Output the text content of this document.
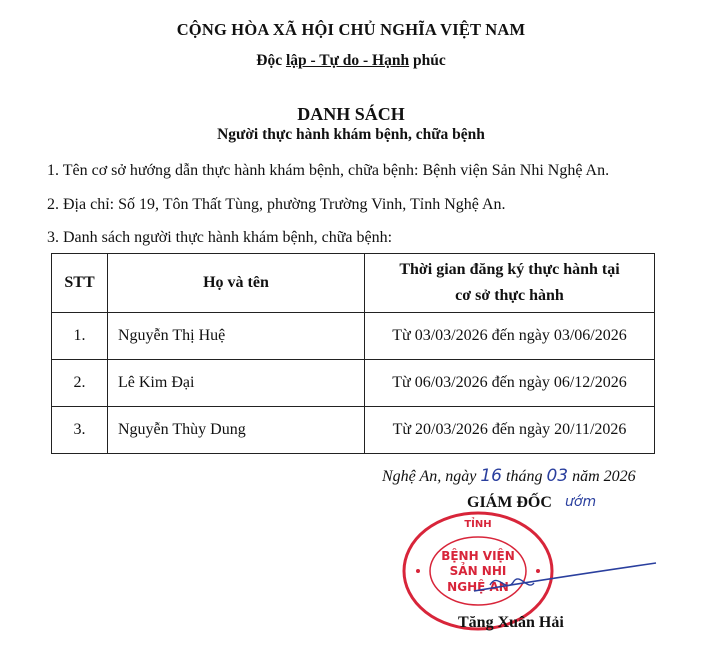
CỘNG HÒA XÃ HỘI CHỦ NGHĨA VIỆT NAM
Độc lập - Tự do - Hạnh phúc
DANH SÁCH
Người thực hành khám bệnh, chữa bệnh
1. Tên cơ sở hướng dẫn thực hành khám bệnh, chữa bệnh: Bệnh viện Sản Nhi Nghệ An.
2. Địa chỉ: Số 19, Tôn Thất Tùng, phường Trường Vinh, Tỉnh Nghệ An.
3. Danh sách người thực hành khám bệnh, chữa bệnh:
STT	Họ và tên	Thời gian đăng ký thực hành tại
cơ sở thực hành
1.	Nguyễn Thị Huệ	Từ 03/03/2026 đến ngày 03/06/2026
2.	Lê Kim Đại	Từ 06/03/2026 đến ngày 06/12/2026
3.	Nguyễn Thùy Dung	Từ 20/03/2026 đến ngày 20/11/2026
Nghệ An, ngày 16 tháng 03 năm 2026
GIÁM ĐỐC ướm
TỈNH
BỆNH VIỆN
SẢN NHI
NGHỆ AN
Tăng Xuân Hải
